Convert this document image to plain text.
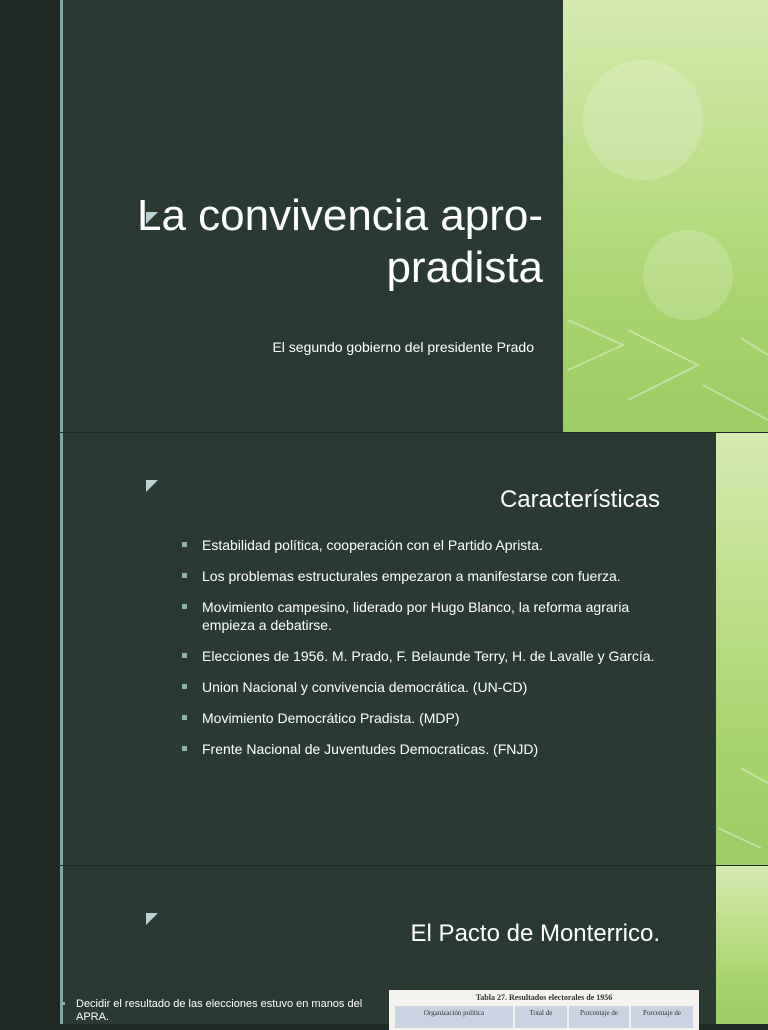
La convivencia apro-pradista

El segundo gobierno del presidente Prado

Características
Estabilidad política, cooperación con el Partido Aprista.
Los problemas estructurales empezaron a manifestarse con fuerza.
Movimiento campesino, liderado por Hugo Blanco, la reforma agraria empieza a debatirse.
Elecciones de 1956. M. Prado, F. Belaunde Terry, H. de Lavalle y García.
Union Nacional y convivencia democrática. (UN-CD)
Movimiento Democrático Pradista. (MDP)
Frente Nacional de Juventudes Democraticas. (FNJD)
El Pacto de Monterrico.
Decidir el resultado de las elecciones estuvo en manos del APRA.
Tabla 27. Resultados electorales de 1956
Organización política	Total de	Porcentaje de	Porcentaje de
